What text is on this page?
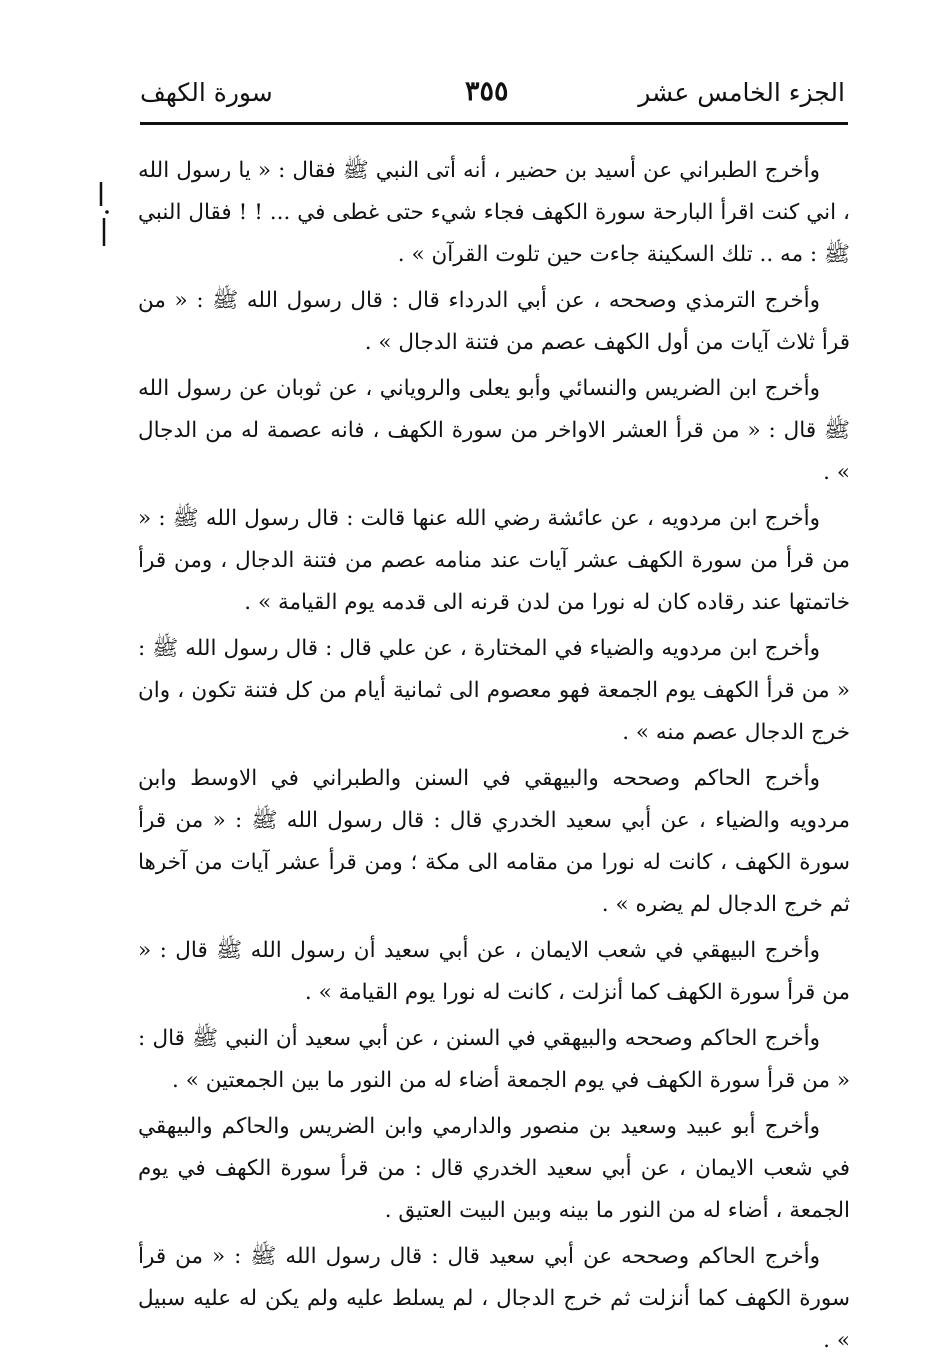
الجزء الخامس عشر
٣٥٥
سورة الكهف

وأخرج الطبراني عن أسيد بن حضير ، أنه أتى النبي ﷺ فقال : « يا رسول الله ، اني كنت اقرأ البارحة سورة الكهف فجاء شيء حتى غطى في ... ! ! فقال النبي ﷺ : مه .. تلك السكينة جاءت حين تلوت القرآن » .

وأخرج الترمذي وصححه ، عن أبي الدرداء قال : قال رسول الله ﷺ : « من قرأ ثلاث آيات من أول الكهف عصم من فتنة الدجال » .

وأخرج ابن الضريس والنسائي وأبو يعلى والروياني ، عن ثوبان عن رسول الله ﷺ قال : « من قرأ العشر الاواخر من سورة الكهف ، فانه عصمة له من الدجال » .

وأخرج ابن مردويه ، عن عائشة رضي الله عنها قالت : قال رسول الله ﷺ : « من قرأ من سورة الكهف عشر آيات عند منامه عصم من فتنة الدجال ، ومن قرأ خاتمتها عند رقاده كان له نورا من لدن قرنه الى قدمه يوم القيامة » .

وأخرج ابن مردويه والضياء في المختارة ، عن علي قال : قال رسول الله ﷺ : « من قرأ الكهف يوم الجمعة فهو معصوم الى ثمانية أيام من كل فتنة تكون ، وان خرج الدجال عصم منه » .

وأخرج الحاكم وصححه والبيهقي في السنن والطبراني في الاوسط وابن مردويه والضياء ، عن أبي سعيد الخدري قال : قال رسول الله ﷺ : « من قرأ سورة الكهف ، كانت له نورا من مقامه الى مكة ؛ ومن قرأ عشر آيات من آخرها ثم خرج الدجال لم يضره » .

وأخرج البيهقي في شعب الايمان ، عن أبي سعيد أن رسول الله ﷺ قال : « من قرأ سورة الكهف كما أنزلت ، كانت له نورا يوم القيامة » .

وأخرج الحاكم وصححه والبيهقي في السنن ، عن أبي سعيد أن النبي ﷺ قال : « من قرأ سورة الكهف في يوم الجمعة أضاء له من النور ما بين الجمعتين » .

وأخرج أبو عبيد وسعيد بن منصور والدارمي وابن الضريس والحاكم والبيهقي في شعب الايمان ، عن أبي سعيد الخدري قال : من قرأ سورة الكهف في يوم الجمعة ، أضاء له من النور ما بينه وبين البيت العتيق .

وأخرج الحاكم وصححه عن أبي سعيد قال : قال رسول الله ﷺ : « من قرأ سورة الكهف كما أنزلت ثم خرج الدجال ، لم يسلط عليه ولم يكن له عليه سبيل » .
